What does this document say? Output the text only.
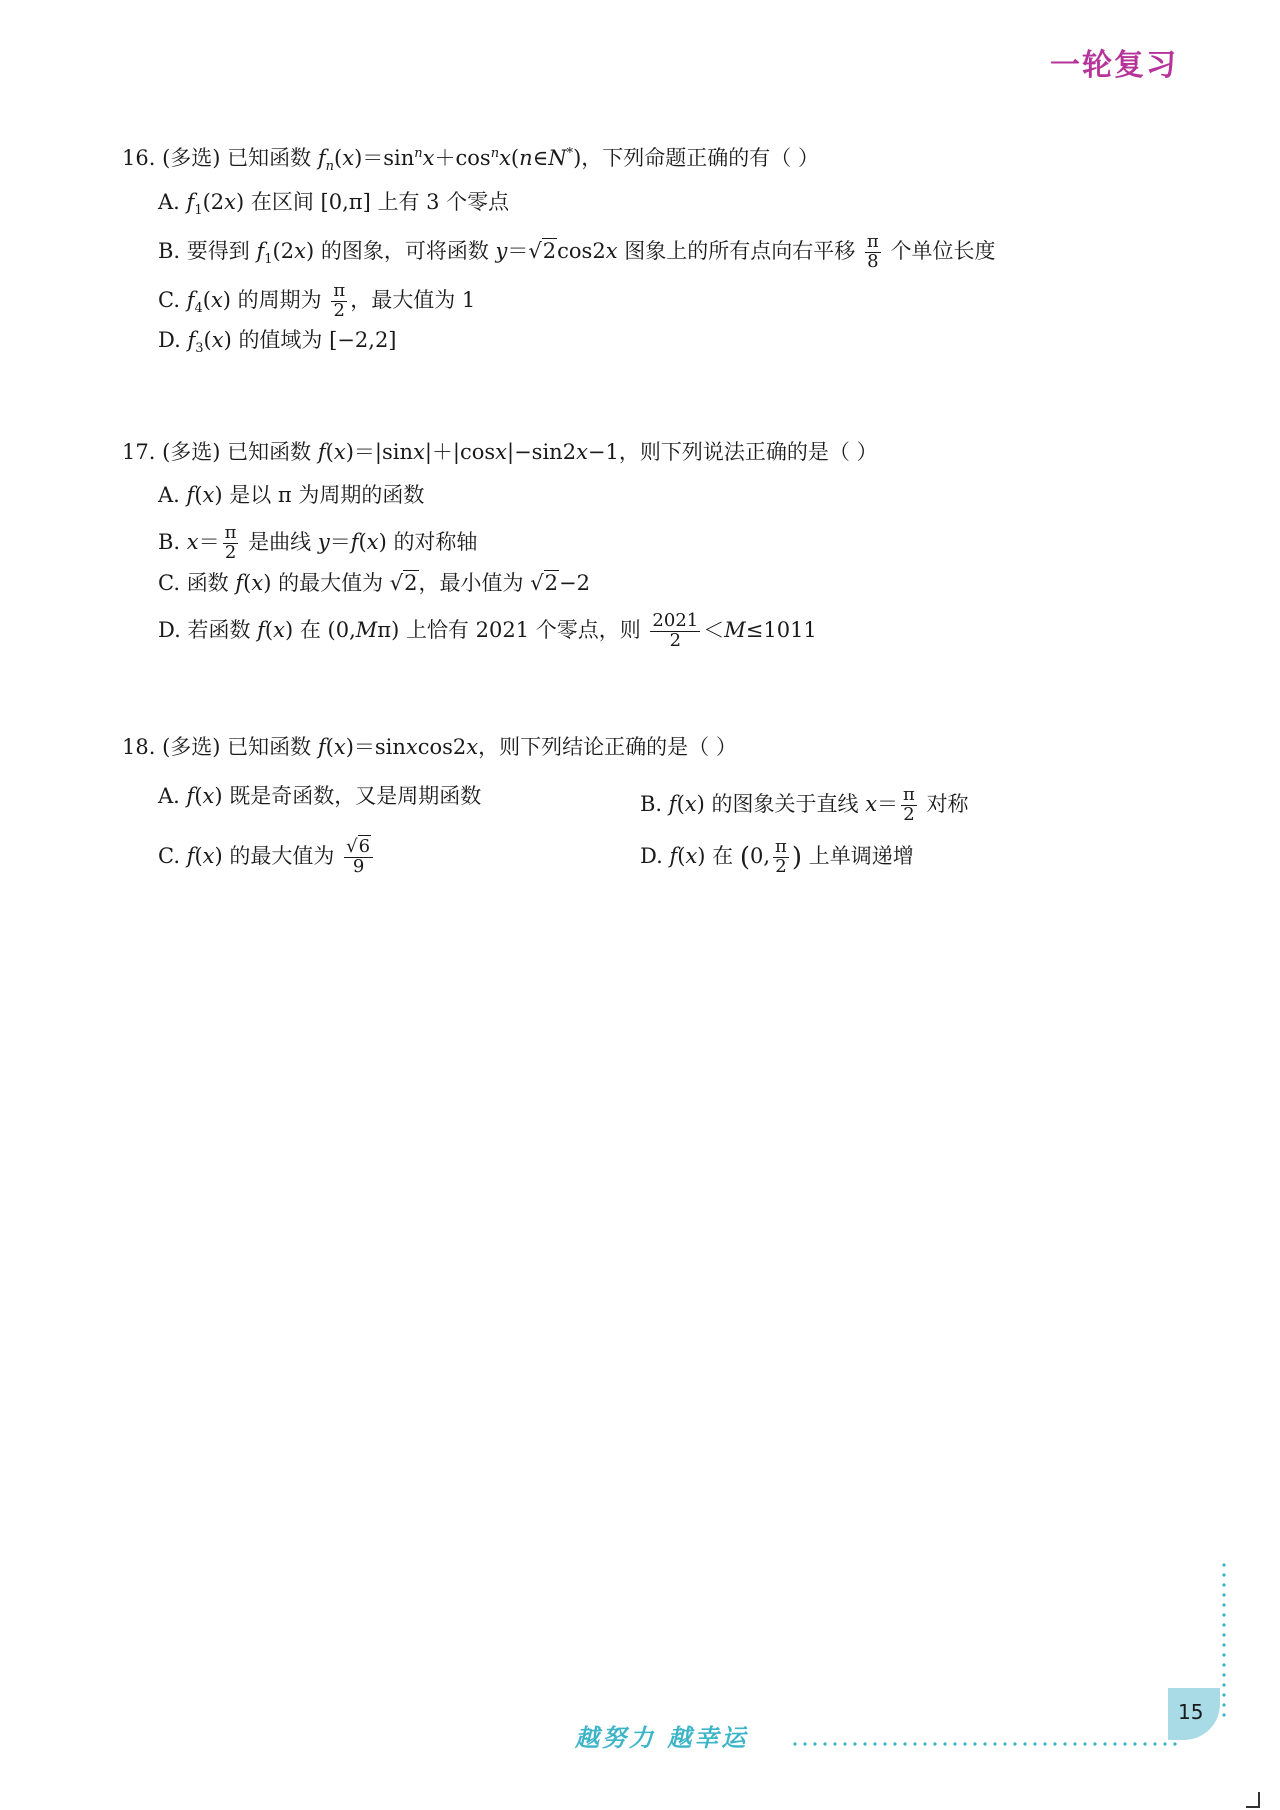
一轮复习
16. (多选) 已知函数 $f_n(x)=\sin^nx+\cos^nx(n\in N^*)$，下列命题正确的有（ ）
A. $f_1(2x)$ 在区间 [0,π] 上有 3 个零点
B. 要得到 $f_1(2x)$ 的图象，可将函数 y＝√2cos2x 图象上的所有点向右平移 $\frac{\pi}{8}$ 个单位长度
C. $f_4(x)$ 的周期为 $\frac{\pi}{2}$ ，最大值为 1
D. $f_3(x)$ 的值域为 [−2,2]
17. (多选) 已知函数 f(x)＝|sinx|＋|cosx|−sin2x−1，则下列说法正确的是（ ）
A. f(x) 是以 π 为周期的函数
B. $x= \frac{\pi}{2}$ 是曲线 y＝f(x) 的对称轴
C. 函数 f(x) 的最大值为 √2，最小值为 √2−2
D. 若函数 f(x) 在 (0,Mπ) 上恰有 2021 个零点，则 $\frac{2021}{2} <M\le 1011$
18. (多选) 已知函数 f(x)＝sinxcos2x，则下列结论正确的是（ ）
A. f(x) 既是奇函数，又是周期函数	B. f(x) 的图象关于直线 $x= \frac{\pi}{2}$ 对称
C. f(x) 的最大值为 $\frac{√6}{9}$	D. f(x) 在 (0, $\frac{\pi}{2}$ ) 上单调递增
15
越努力 越幸运
